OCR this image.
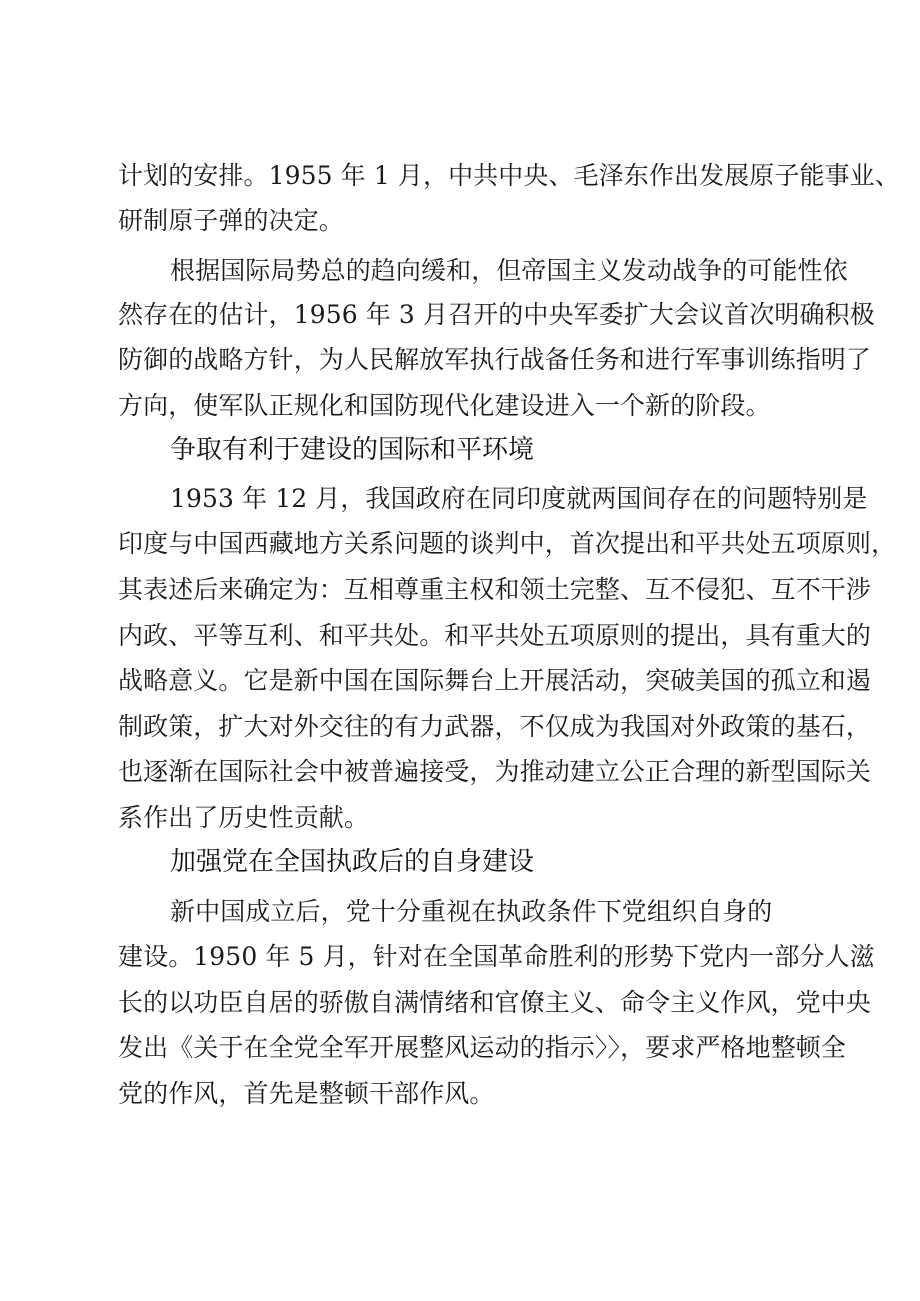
计划的安排。1955 年 1 月，中共中央、毛泽东作出发展原子能事业、
研制原子弹的决定。
根据国际局势总的趋向缓和，但帝国主义发动战争的可能性依
然存在的估计，1956 年 3 月召开的中央军委扩大会议首次明确积极
防御的战略方针，为人民解放军执行战备任务和进行军事训练指明了
方向，使军队正规化和国防现代化建设进入一个新的阶段。
争取有利于建设的国际和平环境
1953 年 12 月，我国政府在同印度就两国间存在的问题特别是
印度与中国西藏地方关系问题的谈判中，首次提出和平共处五项原则，
其表述后来确定为：互相尊重主权和领土完整、互不侵犯、互不干涉
内政、平等互利、和平共处。和平共处五项原则的提出，具有重大的
战略意义。它是新中国在国际舞台上开展活动，突破美国的孤立和遏
制政策，扩大对外交往的有力武器，不仅成为我国对外政策的基石，
也逐渐在国际社会中被普遍接受，为推动建立公正合理的新型国际关
系作出了历史性贡献。
加强党在全国执政后的自身建设
新中国成立后，党十分重视在执政条件下党组织自身的
建设。1950 年 5 月，针对在全国革命胜利的形势下党内一部分人滋
长的以功臣自居的骄傲自满情绪和官僚主义、命令主义作风，党中央
发出《关于在全党全军开展整风运动的指示〉〉，要求严格地整顿全
党的作风，首先是整顿干部作风。
